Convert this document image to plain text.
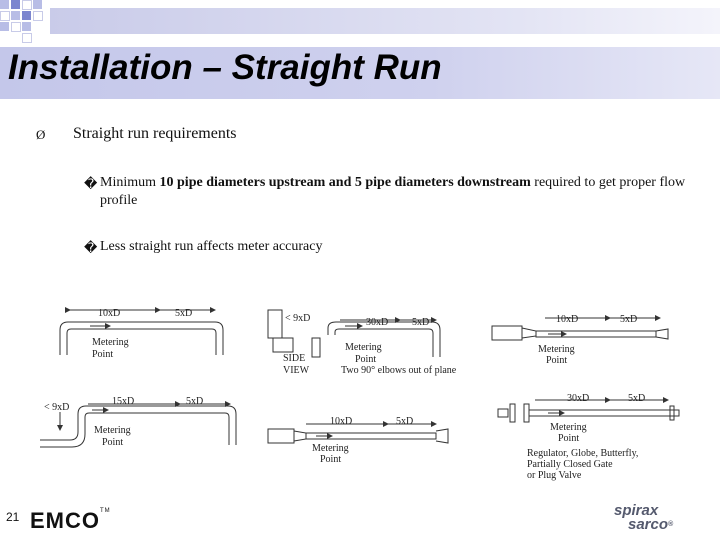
Installation – Straight Run
Ø Straight run requirements
� Minimum 10 pipe diameters upstream and 5 pipe diameters downstream required to get proper flow profile
� Less straight run affects meter accuracy
10xD	5xD
Metering
Point
< 9xD	30xD 5xD
Metering
Point
SIDE
VIEW	Two 90° elbows out of plane
10xD	5xD
Metering
Point
< 9xD
15xD	5xD
Metering
Point
10xD	5xD
Metering
Point
30xD	5xD
Metering
Point
Regulator, Globe, Butterfly,
Partially Closed Gate
or Plug Valve
21 EMCO™	spirax
sarco®
